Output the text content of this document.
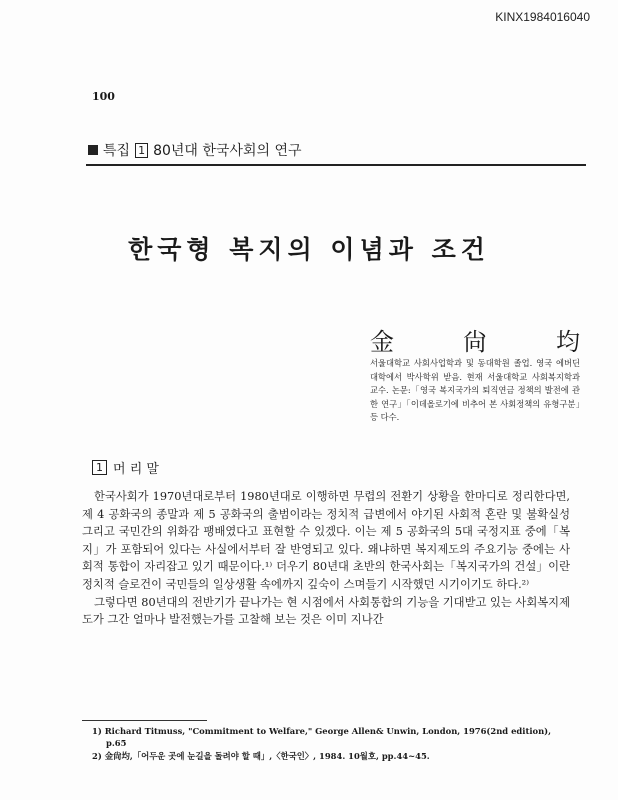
KINX1984016040
100
특집 1 80년대 한국사회의 연구
한국형 복지의 이념과 조건
金	尙	均
서울대학교 사회사업학과 및 동대학원 졸업. 영국 에버딘대학에서 박사학위 받음. 현재 서울대학교 사회복지학과 교수. 논문:「영국 복지국가의 퇴직연금 정책의 발전에 관한 연구」「이데올로기에 비추어 본 사회정책의 유형구분」등 다수.
1 머 리 말

한국사회가 1970년대로부터 1980년대로 이행하면 무렵의 전환기 상황을 한마디로 정리한다면, 제 4 공화국의 종말과 제 5 공화국의 출범이라는 정치적 급변에서 야기된 사회적 혼란 및 불확실성 그리고 국민간의 위화감 팽배였다고 표현할 수 있겠다. 이는 제 5 공화국의 5대 국정지표 중에「복지」가 포함되어 있다는 사실에서부터 잘 반영되고 있다. 왜냐하면 복지제도의 주요기능 중에는 사회적 통합이 자리잡고 있기 때문이다.¹⁾ 더우기 80년대 초반의 한국사회는「복지국가의 건설」이란 정치적 슬로건이 국민들의 일상생활 속에까지 깊숙이 스며들기 시작했던 시기이기도 하다.²⁾

그렇다면 80년대의 전반기가 끝나가는 현 시점에서 사회통합의 기능을 기대받고 있는 사회복지제도가 그간 얼마나 발전했는가를 고찰해 보는 것은 이미 지나간

1) Richard Titmuss, "Commitment to Welfare," George Allen& Unwin, London, 1976(2nd edition), p.65
2) 金尙均,「어두운 곳에 눈길을 돌려야 할 때」,〈한국인〉, 1984. 10월호, pp.44~45.
